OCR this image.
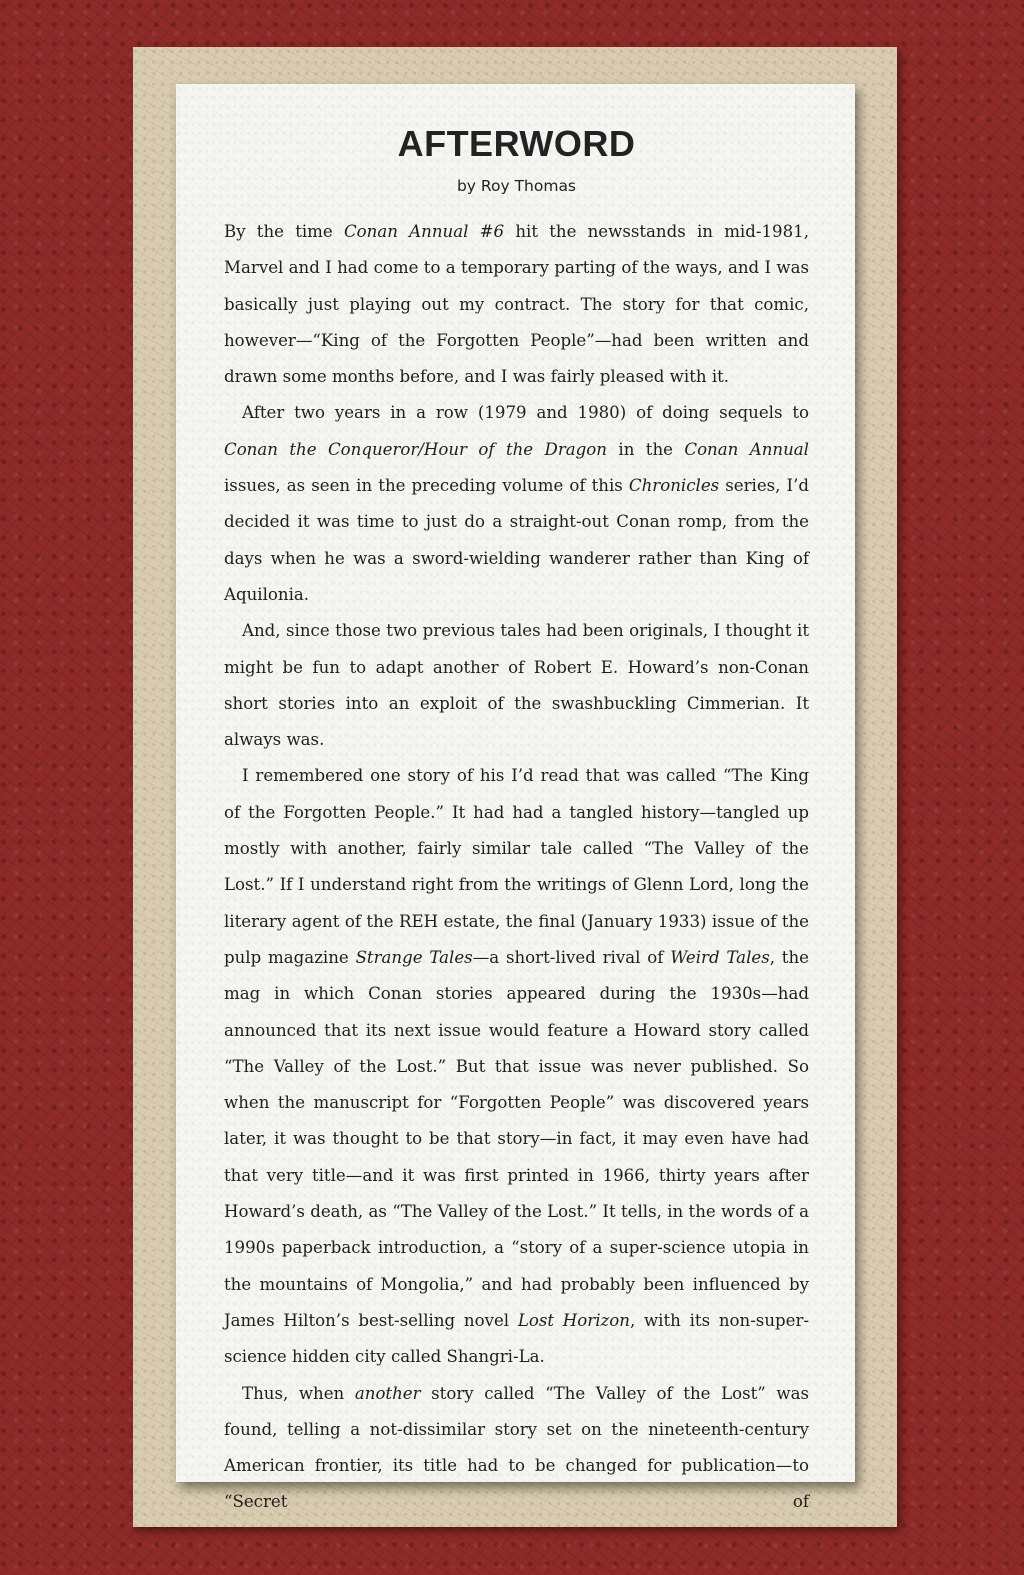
AFTERWORD
by Roy Thomas

By the time Conan Annual #6 hit the newsstands in mid-1981, Marvel and I had come to a temporary parting of the ways, and I was basically just playing out my contract. The story for that comic, however—“King of the Forgotten People”—had been written and drawn some months before, and I was fairly pleased with it.

After two years in a row (1979 and 1980) of doing sequels to Conan the Conqueror/Hour of the Dragon in the Conan Annual issues, as seen in the preceding volume of this Chronicles series, I’d decided it was time to just do a straight-out Conan romp, from the days when he was a sword-wielding wanderer rather than King of Aquilonia.

And, since those two previous tales had been originals, I thought it might be fun to adapt another of Robert E. Howard’s non-Conan short stories into an exploit of the swashbuckling Cimmerian. It always was.

I remembered one story of his I’d read that was called “The King of the Forgotten People.” It had had a tangled history—tangled up mostly with another, fairly similar tale called “The Valley of the Lost.” If I understand right from the writings of Glenn Lord, long the literary agent of the REH estate, the final (January 1933) issue of the pulp magazine Strange Tales—a short-lived rival of Weird Tales, the mag in which Conan stories appeared during the 1930s—had announced that its next issue would feature a Howard story called “The Valley of the Lost.” But that issue was never published. So when the manuscript for “Forgotten People” was discovered years later, it was thought to be that story—in fact, it may even have had that very title—and it was first printed in 1966, thirty years after Howard’s death, as “The Valley of the Lost.” It tells, in the words of a 1990s paperback introduction, a “story of a super-science utopia in the mountains of Mongolia,” and had probably been influenced by James Hilton’s best-selling novel Lost Horizon, with its non-super-science hidden city called Shangri-La.

Thus, when another story called “The Valley of the Lost” was found, telling a not-dissimilar story set on the nineteenth-century American frontier, its title had to be changed for publication—to “Secret of
